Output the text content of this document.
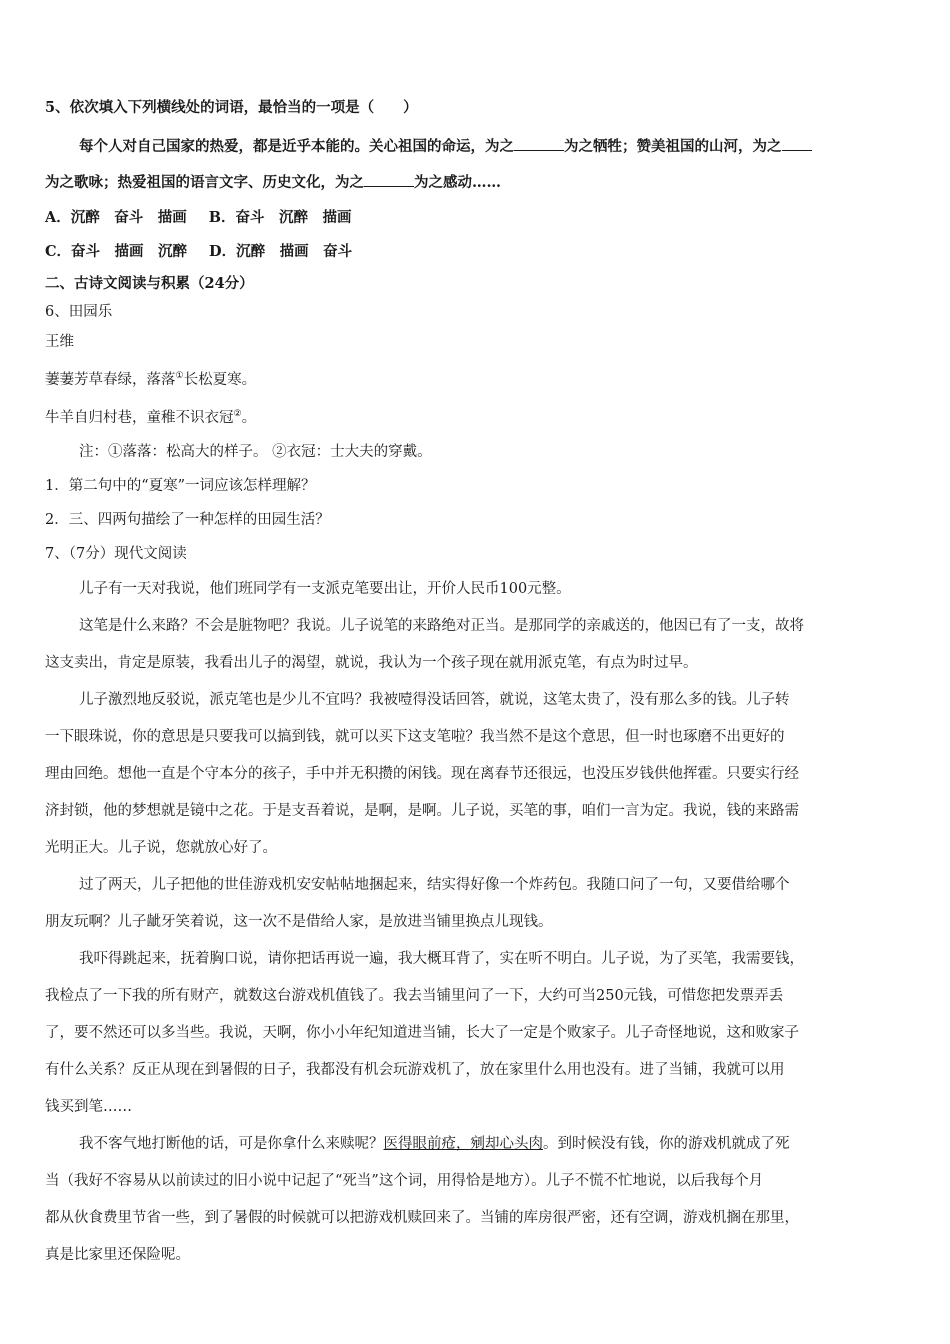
5、依次填入下列横线处的词语，最恰当的一项是（　　）

每个人对自己国家的热爱，都是近乎本能的。关心祖国的命运，为之	为之牺牲；赞美祖国的山河，为之

为之歌咏；热爱祖国的语言文字、历史文化，为之	为之感动……

A．沉醉　奋斗　描画 B．奋斗　沉醉　描画

C．奋斗　描画　沉醉 D．沉醉　描画　奋斗

二、古诗文阅读与积累（24分）

6、田园乐

王维

萋萋芳草春绿，落落①长松夏寒。

牛羊自归村巷，童稚不识衣冠②。

注：①落落：松高大的样子。 ②衣冠：士大夫的穿戴。

1．第二句中的“夏寒”一词应该怎样理解？

2．三、四两句描绘了一种怎样的田园生活？

7、（7分）现代文阅读

儿子有一天对我说，他们班同学有一支派克笔要出让，开价人民币100元整。

这笔是什么来路？不会是脏物吧？我说。儿子说笔的来路绝对正当。是那同学的亲戚送的，他因已有了一支，故将

这支卖出，肯定是原装，我看出儿子的渴望，就说，我认为一个孩子现在就用派克笔，有点为时过早。

儿子激烈地反驳说，派克笔也是少儿不宜吗？我被噎得没话回答，就说，这笔太贵了，没有那么多的钱。儿子转

一下眼珠说，你的意思是只要我可以搞到钱，就可以买下这支笔啦？我当然不是这个意思，但一时也琢磨不出更好的

理由回绝。想他一直是个守本分的孩子，手中并无积攒的闲钱。现在离春节还很远，也没压岁钱供他挥霍。只要实行经

济封锁，他的梦想就是镜中之花。于是支吾着说，是啊，是啊。儿子说，买笔的事，咱们一言为定。我说，钱的来路需

光明正大。儿子说，您就放心好了。

过了两天，儿子把他的世佳游戏机安安帖帖地捆起来，结实得好像一个炸药包。我随口问了一句，又要借给哪个

朋友玩啊？儿子龇牙笑着说，这一次不是借给人家，是放进当铺里换点儿现钱。

我吓得跳起来，抚着胸口说，请你把话再说一遍，我大概耳背了，实在听不明白。儿子说，为了买笔，我需要钱，

我检点了一下我的所有财产，就数这台游戏机值钱了。我去当铺里问了一下，大约可当250元钱，可惜您把发票弄丢

了，要不然还可以多当些。我说，天啊，你小小年纪知道进当铺，长大了一定是个败家子。儿子奇怪地说，这和败家子

有什么关系？反正从现在到暑假的日子，我都没有机会玩游戏机了，放在家里什么用也没有。进了当铺，我就可以用

钱买到笔……

我不客气地打断他的话，可是你拿什么来赎呢？医得眼前疮，剜却心头肉。到时候没有钱，你的游戏机就成了死

当（我好不容易从以前读过的旧小说中记起了“死当”这个词，用得恰是地方）。儿子不慌不忙地说，以后我每个月

都从伙食费里节省一些，到了暑假的时候就可以把游戏机赎回来了。当铺的库房很严密，还有空调，游戏机搁在那里，

真是比家里还保险呢。
